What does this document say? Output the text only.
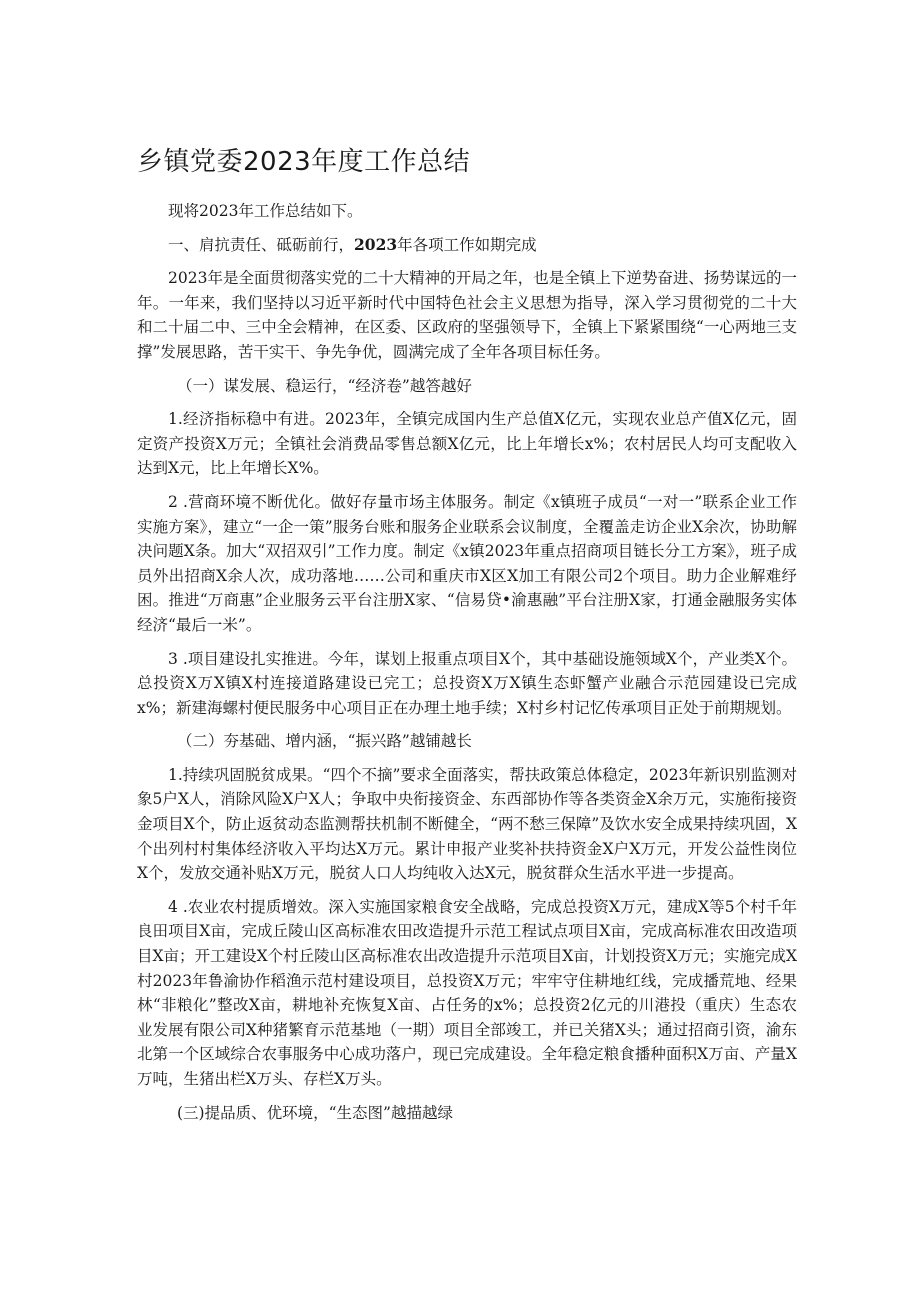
乡镇党委2023年度工作总结

现将2023年工作总结如下。

一、肩抗责任、砥砺前行，2023年各项工作如期完成

2023年是全面贯彻落实党的二十大精神的开局之年，也是全镇上下逆势奋进、扬势谋远的一年。一年来，我们坚持以习近平新时代中国特色社会主义思想为指导，深入学习贯彻党的二十大和二十届二中、三中全会精神，在区委、区政府的坚强领导下，全镇上下紧紧围绕“一心两地三支撑”发展思路，苦干实干、争先争优，圆满完成了全年各项目标任务。

（一）谋发展、稳运行，“经济卷”越答越好

1.经济指标稳中有进。2023年，全镇完成国内生产总值X亿元，实现农业总产值X亿元，固定资产投资X万元；全镇社会消费品零售总额X亿元，比上年增长x%；农村居民人均可支配收入达到X元，比上年增长X%。

2 .营商环境不断优化。做好存量市场主体服务。制定《x镇班子成员“一对一”联系企业工作实施方案》，建立“一企一策”服务台账和服务企业联系会议制度，全覆盖走访企业X余次，协助解决问题X条。加大“双招双引”工作力度。制定《x镇2023年重点招商项目链长分工方案》，班子成员外出招商X余人次，成功落地……公司和重庆市X区X加工有限公司2个项目。助力企业解难纾困。推进“万商惠”企业服务云平台注册X家、“信易贷•渝惠融”平台注册X家，打通金融服务实体经济“最后一米”。

3 .项目建设扎实推进。今年，谋划上报重点项目X个，其中基础设施领域X个，产业类X个。总投资X万X镇X村连接道路建设已完工；总投资X万X镇生态虾蟹产业融合示范园建设已完成x%；新建海螺村便民服务中心项目正在办理土地手续；X村乡村记忆传承项目正处于前期规划。

（二）夯基础、增内涵，“振兴路”越铺越长

1.持续巩固脱贫成果。“四个不摘”要求全面落实，帮扶政策总体稳定，2023年新识别监测对象5户X人，消除风险X户X人；争取中央衔接资金、东西部协作等各类资金X余万元，实施衔接资金项目X个，防止返贫动态监测帮扶机制不断健全，“两不愁三保障”及饮水安全成果持续巩固，X个出列村村集体经济收入平均达X万元。累计申报产业奖补扶持资金X户X万元，开发公益性岗位X个，发放交通补贴X万元，脱贫人口人均纯收入达X元，脱贫群众生活水平进一步提高。

4 .农业农村提质增效。深入实施国家粮食安全战略，完成总投资X万元，建成X等5个村千年良田项目X亩，完成丘陵山区高标准农田改造提升示范工程试点项目X亩，完成高标准农田改造项目X亩；开工建设X个村丘陵山区高标准农出改造提升示范项目X亩，计划投资X万元；实施完成X村2023年鲁渝协作稻渔示范村建设项目，总投资X万元；牢牢守住耕地红线，完成播荒地、经果林“非粮化”整改X亩，耕地补充恢复X亩、占任务的x%；总投资2亿元的川港投（重庆）生态农业发展有限公司X种猪繁育示范基地（一期）项目全部竣工，并已关猪X头；通过招商引资，渝东北第一个区域综合农事服务中心成功落户，现已完成建设。全年稳定粮食播种面积X万亩、产量X万吨，生猪出栏X万头、存栏X万头。

(三)提品质、优环境，“生态图”越描越绿
